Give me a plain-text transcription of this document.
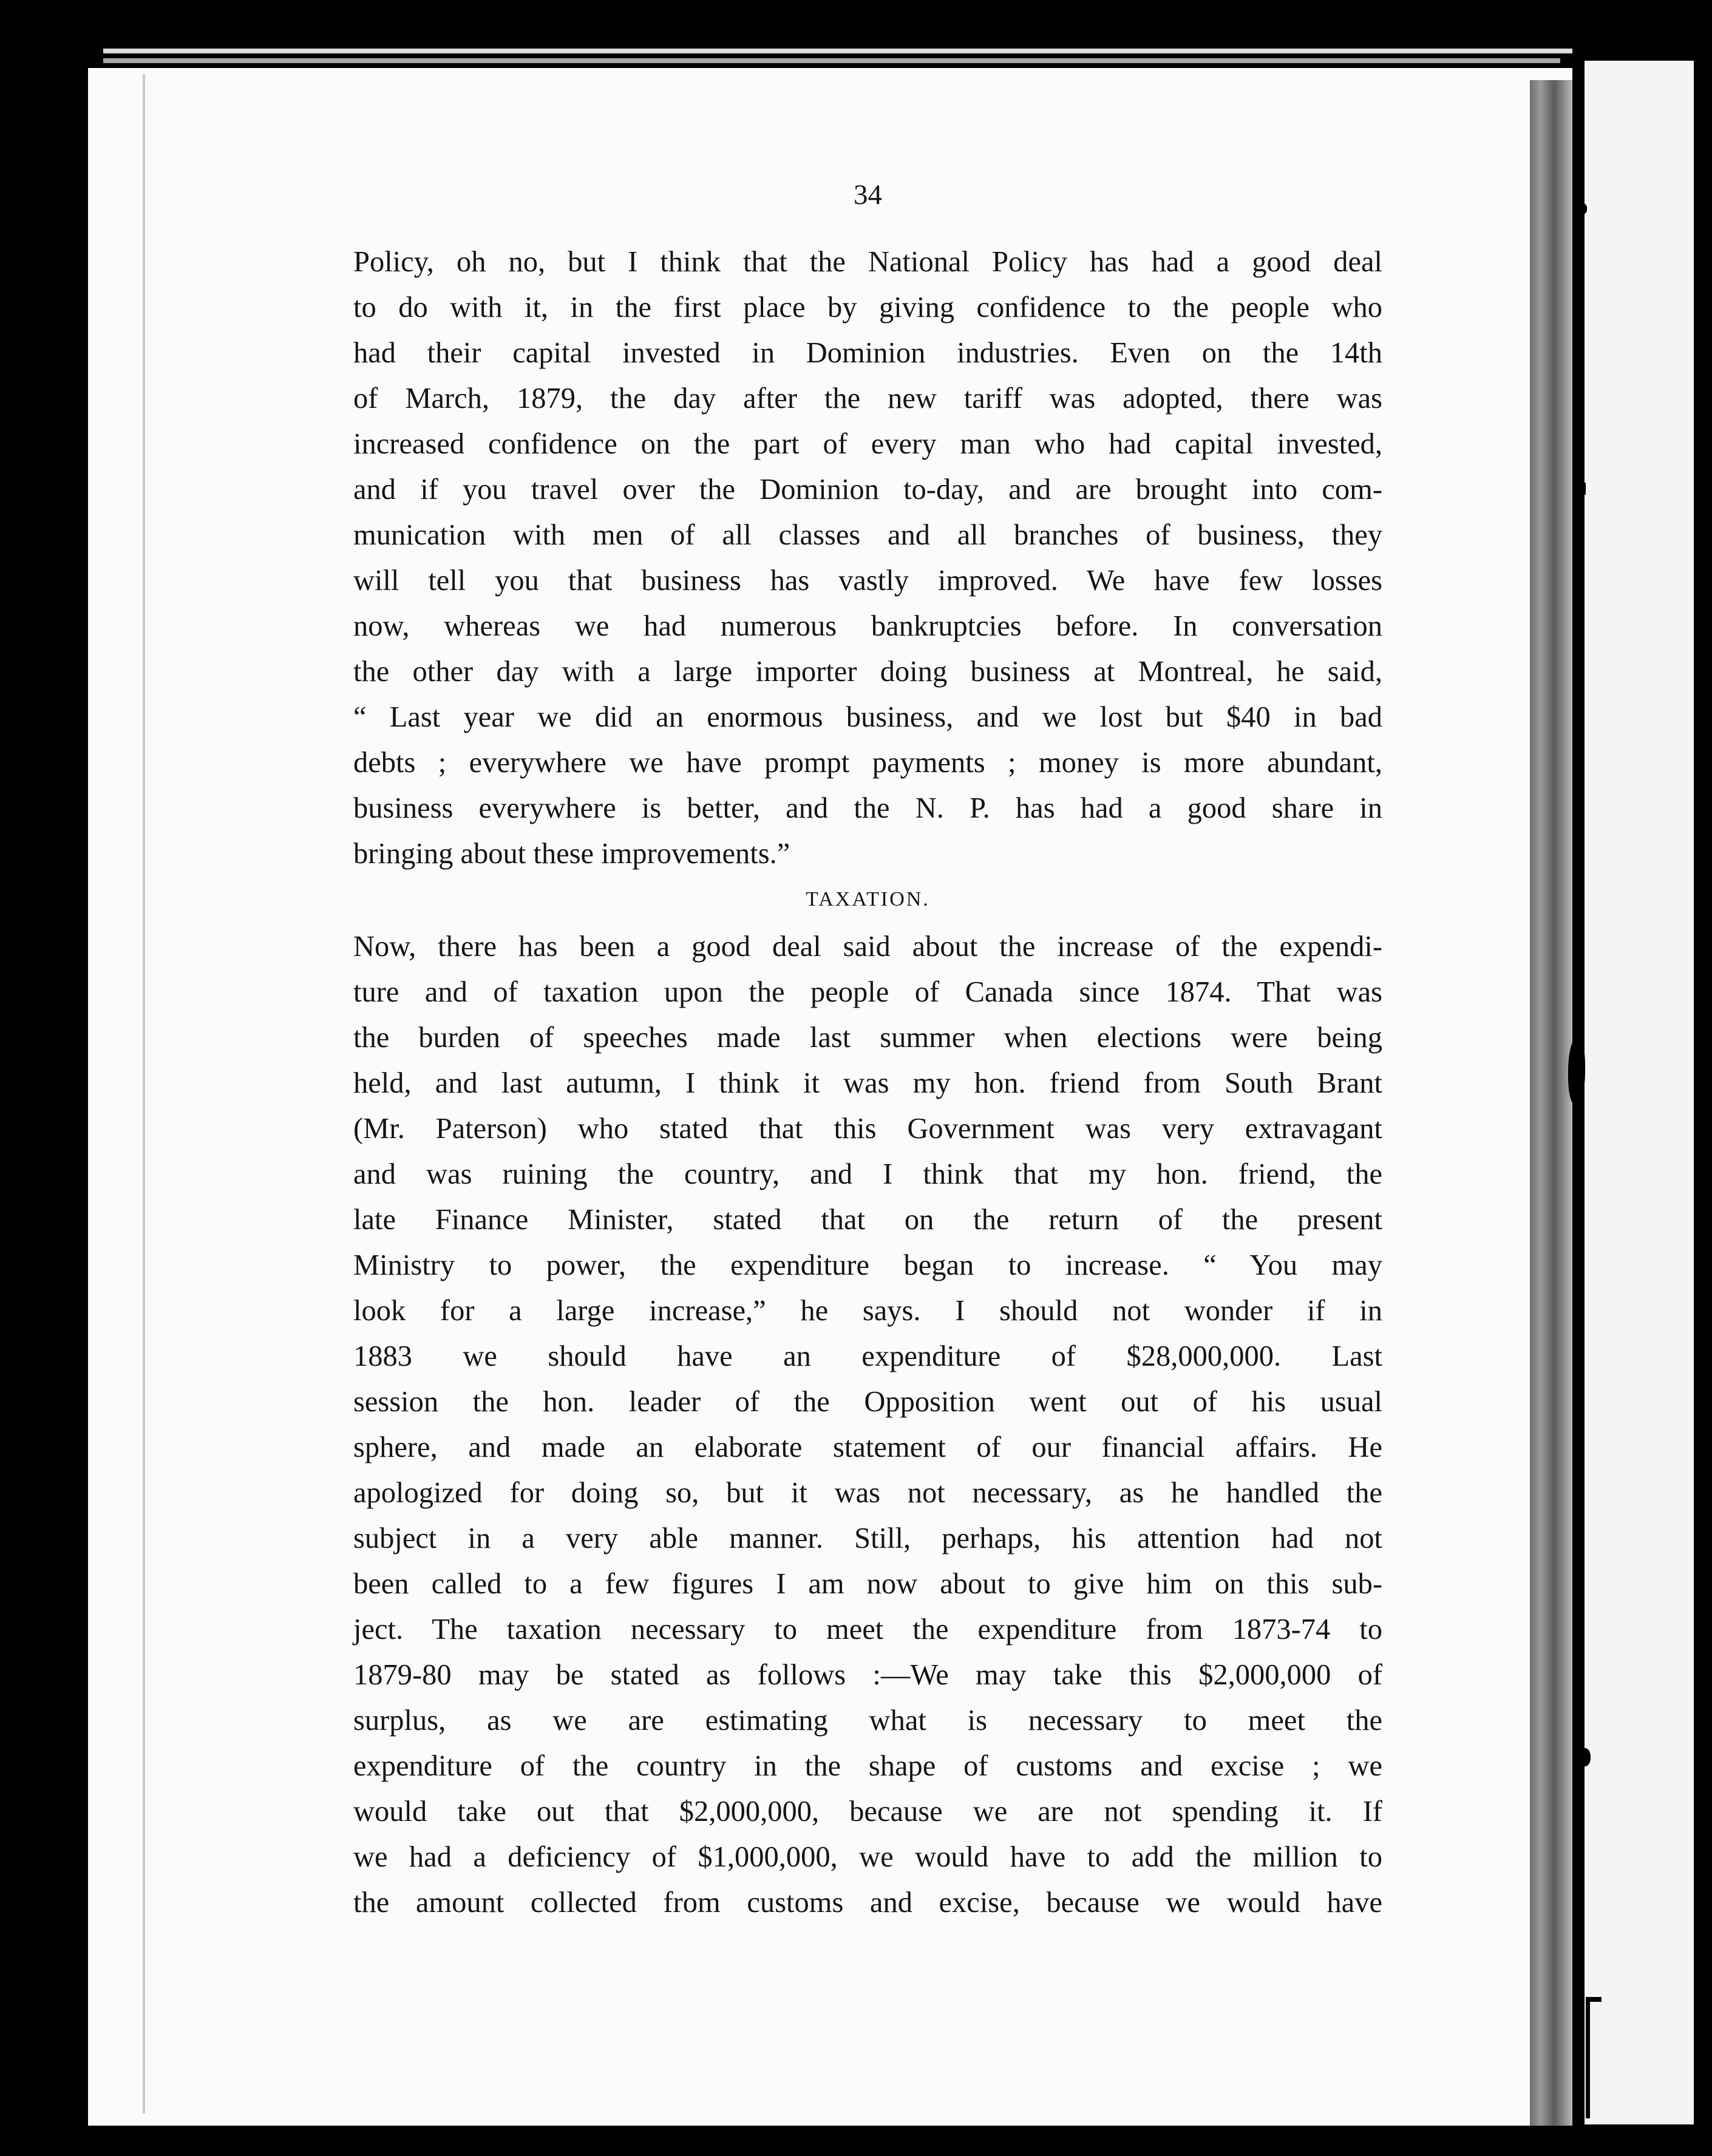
34
Policy, oh no, but I think that the National Policy has had a good deal
to do with it, in the first place by giving confidence to the people who
had their capital invested in Dominion industries. Even on the 14th
of March, 1879, the day after the new tariff was adopted, there was
increased confidence on the part of every man who had capital invested,
and if you travel over the Dominion to-day, and are brought into com-
munication with men of all classes and all branches of business, they
will tell you that business has vastly improved. We have few losses
now, whereas we had numerous bankruptcies before. In conversation
the other day with a large importer doing business at Montreal, he said,
“ Last year we did an enormous business, and we lost but $40 in bad
debts ; everywhere we have prompt payments ; money is more abundant,
business everywhere is better, and the N. P. has had a good share in
bringing about these improvements.”
TAXATION.
Now, there has been a good deal said about the increase of the expendi-
ture and of taxation upon the people of Canada since 1874. That was
the burden of speeches made last summer when elections were being
held, and last autumn, I think it was my hon. friend from South Brant
(Mr. Paterson) who stated that this Government was very extravagant
and was ruining the country, and I think that my hon. friend, the
late Finance Minister, stated that on the return of the present
Ministry to power, the expenditure began to increase. “ You may
look for a large increase,” he says. I should not wonder if in
1883 we should have an expenditure of $28,000,000. Last
session the hon. leader of the Opposition went out of his usual
sphere, and made an elaborate statement of our financial affairs. He
apologized for doing so, but it was not necessary, as he handled the
subject in a very able manner. Still, perhaps, his attention had not
been called to a few figures I am now about to give him on this sub-
ject. The taxation necessary to meet the expenditure from 1873-74 to
1879-80 may be stated as follows :—We may take this $2,000,000 of
surplus, as we are estimating what is necessary to meet the
expenditure of the country in the shape of customs and excise ; we
would take out that $2,000,000, because we are not spending it. If
we had a deficiency of $1,000,000, we would have to add the million to
the amount collected from customs and excise, because we would have
